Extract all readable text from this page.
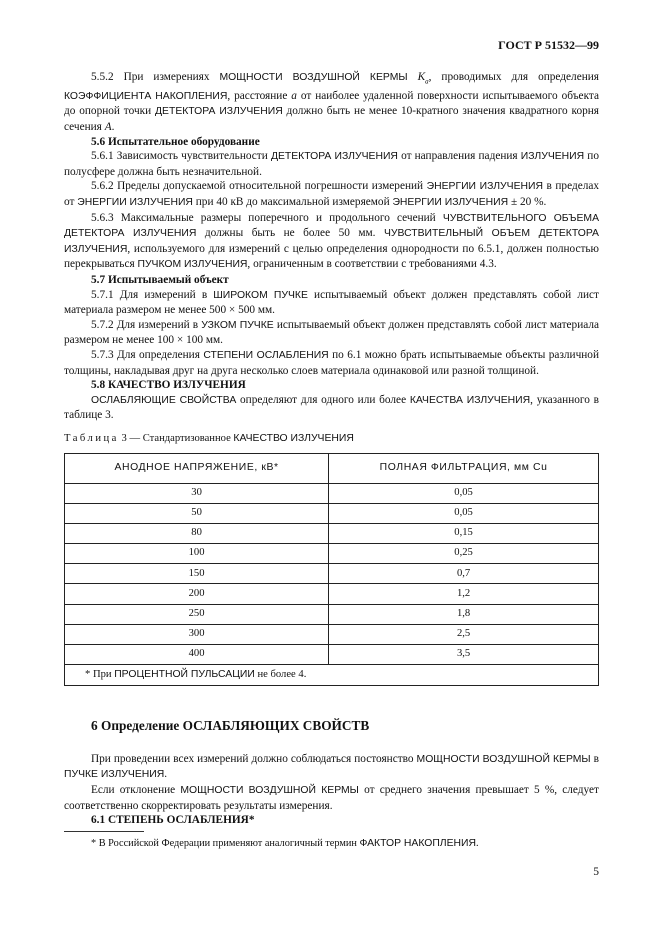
ГОСТ Р 51532—99

5.5.2 При измерениях МОЩНОСТИ ВОЗДУШНОЙ КЕРМЫ $K_a$, проводимых для определения КОЭФФИЦИЕНТА НАКОПЛЕНИЯ, расстояние a от наиболее удаленной поверхности испытываемого объекта до опорной точки ДЕТЕКТОРА ИЗЛУЧЕНИЯ должно быть не менее 10-кратного значения квадратного корня сечения A.

5.6 Испытательное оборудование

5.6.1 Зависимость чувствительности ДЕТЕКТОРА ИЗЛУЧЕНИЯ от направления падения ИЗЛУЧЕНИЯ по полусфере должна быть незначительной.

5.6.2 Пределы допускаемой относительной погрешности измерений ЭНЕРГИИ ИЗЛУЧЕНИЯ в пределах от ЭНЕРГИИ ИЗЛУЧЕНИЯ при 40 кВ до максимальной измеряемой ЭНЕРГИИ ИЗЛУЧЕНИЯ ± 20 %.

5.6.3 Максимальные размеры поперечного и продольного сечений ЧУВСТВИТЕЛЬНОГО ОБЪЕМА ДЕТЕКТОРА ИЗЛУЧЕНИЯ должны быть не более 50 мм. ЧУВСТВИТЕЛЬНЫЙ ОБЪЕМ ДЕТЕКТОРА ИЗЛУЧЕНИЯ, используемого для измерений с целью определения однородности по 6.5.1, должен полностью перекрываться ПУЧКОМ ИЗЛУЧЕНИЯ, ограниченным в соответствии с требованиями 4.3.

5.7 Испытываемый объект

5.7.1 Для измерений в ШИРОКОМ ПУЧКЕ испытываемый объект должен представлять собой лист материала размером не менее 500 × 500 мм.

5.7.2 Для измерений в УЗКОМ ПУЧКЕ испытываемый объект должен представлять собой лист материала размером не менее 100 × 100 мм.

5.7.3 Для определения СТЕПЕНИ ОСЛАБЛЕНИЯ по 6.1 можно брать испытываемые объекты различной толщины, накладывая друг на друга несколько слоев материала одинаковой или разной толщиной.

5.8 КАЧЕСТВО ИЗЛУЧЕНИЯ

ОСЛАБЛЯЮЩИЕ СВОЙСТВА определяют для одного или более КАЧЕСТВА ИЗЛУЧЕНИЯ, указанного в таблице 3.

Таблица 3 — Стандартизованное КАЧЕСТВО ИЗЛУЧЕНИЯ

АНОДНОЕ НАПРЯЖЕНИЕ, кВ*	ПОЛНАЯ ФИЛЬТРАЦИЯ, мм Cu
30	0,05
50	0,05
80	0,15
100	0,25
150	0,7
200	1,2
250	1,8
300	2,5
400	3,5
* При ПРОЦЕНТНОЙ ПУЛЬСАЦИИ не более 4.	

6 Определение ОСЛАБЛЯЮЩИХ СВОЙСТВ

При проведении всех измерений должно соблюдаться постоянство МОЩНОСТИ ВОЗДУШНОЙ КЕРМЫ в ПУЧКЕ ИЗЛУЧЕНИЯ.

Если отклонение МОЩНОСТИ ВОЗДУШНОЙ КЕРМЫ от среднего значения превышает 5 %, следует соответственно скорректировать результаты измерения.

6.1 СТЕПЕНЬ ОСЛАБЛЕНИЯ*

* В Российской Федерации применяют аналогичный термин ФАКТОР НАКОПЛЕНИЯ.

5
